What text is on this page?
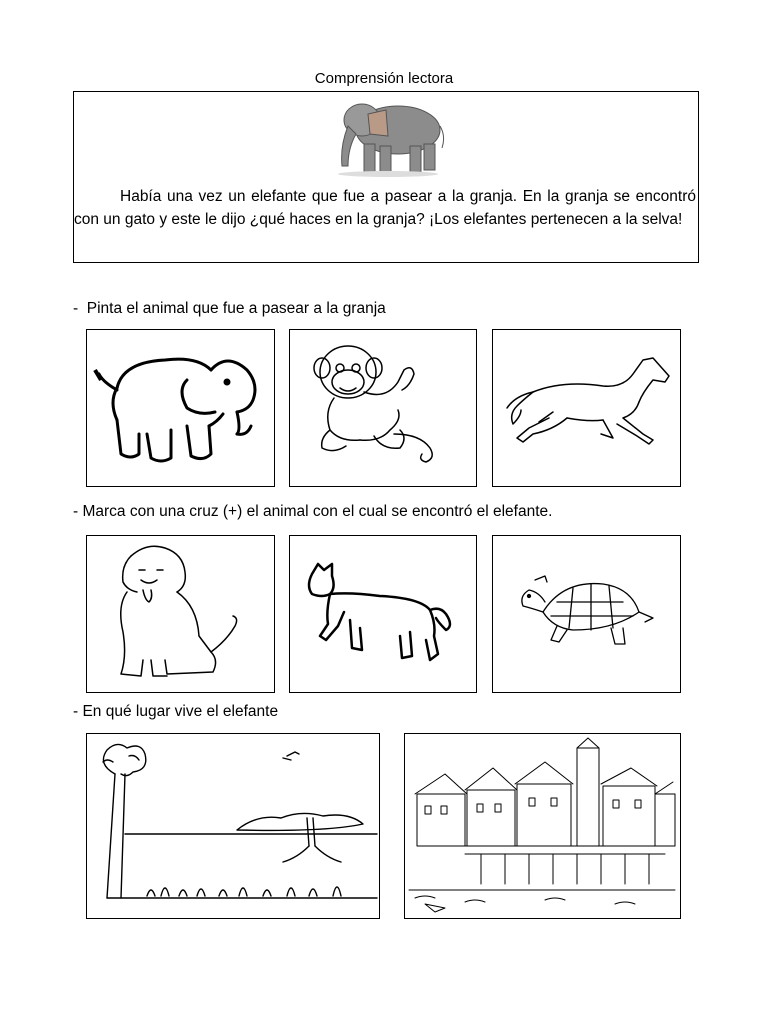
Comprensión lectora
Había una vez un elefante que fue a pasear a la granja. En la granja se encontró con un gato y este le dijo ¿qué haces en la granja? ¡Los elefantes pertenecen a la selva!
-  Pinta el animal que fue a pasear a la granja
- Marca con una cruz (+) el animal con el cual se encontró el elefante.
- En qué lugar vive el elefante
